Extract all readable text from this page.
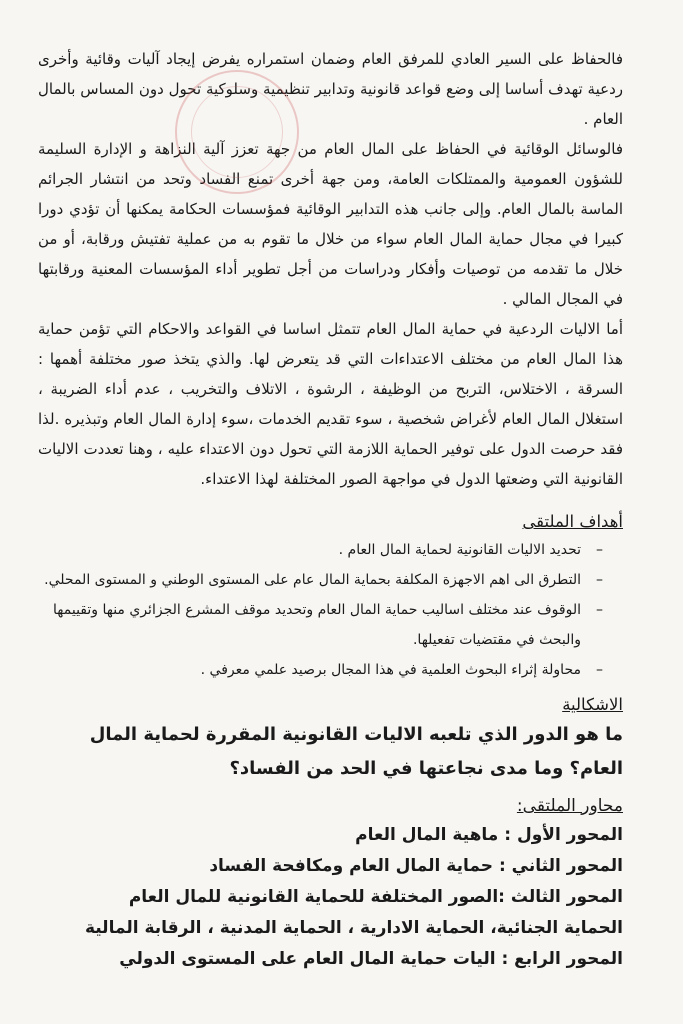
فالحفاظ على السير العادي للمرفق العام وضمان استمراره يفرض إيجاد آليات وقائية وأخرى ردعية تهدف أساسا إلى وضع قواعد قانونية وتدابير تنظيمية وسلوكية تحول دون المساس بالمال العام .

فالوسائل الوقائية في الحفاظ على المال العام من جهة تعزز آلية النزاهة و الإدارة السليمة للشؤون العمومية والممتلكات العامة، ومن جهة أخرى تمنع الفساد وتحد من انتشار الجرائم الماسة بالمال العام. وإلى جانب هذه التدابير الوقائية فمؤسسات الحكامة يمكنها أن تؤدي دورا كبيرا في مجال حماية المال العام سواء من خلال ما تقوم به من عملية تفتيش ورقابة، أو من خلال ما تقدمه من توصيات وأفكار ودراسات من أجل تطوير أداء المؤسسات المعنية ورقابتها في المجال المالي .

أما الاليات الردعية في حماية المال العام تتمثل اساسا في القواعد والاحكام التي تؤمن حماية هذا المال العام من مختلف الاعتداءات التي قد يتعرض لها. والذي يتخذ صور مختلفة أهمها : السرقة ، الاختلاس، التربح من الوظيفة ، الرشوة ، الاتلاف والتخريب ، عدم أداء الضريبة ، استغلال المال العام لأغراض شخصية ، سوء تقديم الخدمات ،سوء إدارة المال العام وتبذيره .لذا فقد حرصت الدول على توفير الحماية اللازمة التي تحول دون الاعتداء عليه ، وهنا تعددت الاليات القانونية التي وضعتها الدول في مواجهة الصور المختلفة لهذا الاعتداء.

أهداف الملتقى
–
تحديد الاليات القانونية لحماية المال العام .
–
التطرق الى اهم الاجهزة المكلفة بحماية المال عام على المستوى الوطني و المستوى المحلي.
–
الوقوف عند مختلف اساليب حماية المال العام وتحديد موقف المشرع الجزائري منها وتقييمها والبحث في مقتضيات تفعيلها.
–
محاولة إثراء البحوث العلمية في هذا المجال برصيد علمي معرفي .
الاشكالية

ما هو الدور الذي تلعبه الاليات القانونية المقررة لحماية المال العام؟ وما مدى نجاعتها في الحد من الفساد؟

محاور الملتقى:

المحور الأول : ماهية المال العام

المحور الثاني : حماية المال العام ومكافحة الفساد

المحور الثالث :الصور المختلفة للحماية القانونية للمال العام

الحماية الجنائية، الحماية الادارية ، الحماية المدنية ، الرقابة المالية

المحور الرابع : اليات حماية المال العام على المستوى الدولي
